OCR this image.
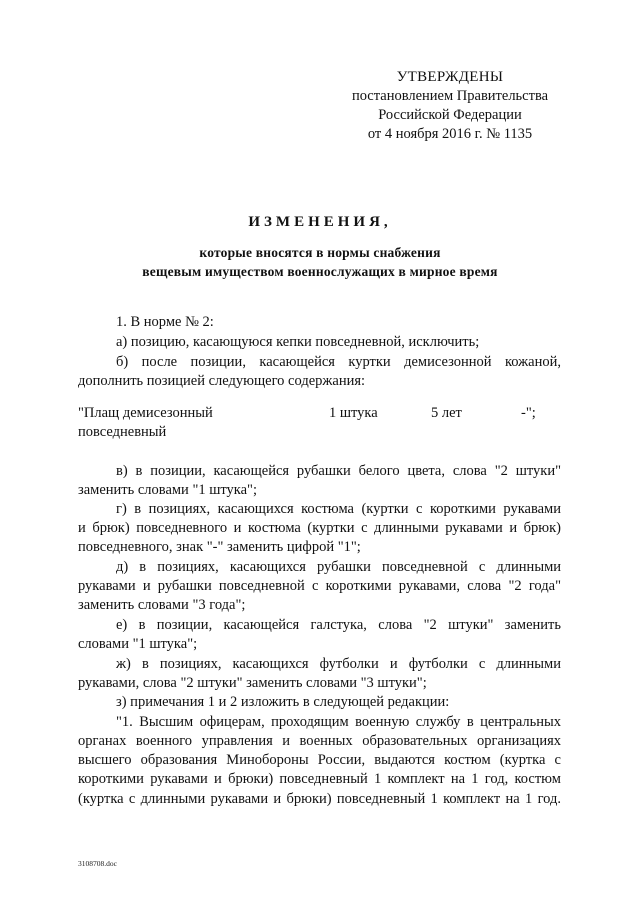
УТВЕРЖДЕНЫ
постановлением Правительства
Российской Федерации
от 4 ноября 2016 г. № 1135
ИЗМЕНЕНИЯ,
которые вносятся в нормы снабжения
вещевым имуществом военнослужащих в мирное время
1. В норме № 2:
а) позицию, касающуюся кепки повседневной, исключить;
б) после позиции, касающейся куртки демисезонной кожаной,
дополнить позицией следующего содержания:
"Плащ демисезонный
повседневный
1 штука	5 лет	-";
в) в позиции, касающейся рубашки белого цвета, слова "2 штуки"
заменить словами "1 штука";
г) в позициях, касающихся костюма (куртки с короткими рукавами
и брюк) повседневного и костюма (куртки с длинными рукавами и брюк)
повседневного, знак "-" заменить цифрой "1";
д) в позициях, касающихся рубашки повседневной с длинными
рукавами и рубашки повседневной с короткими рукавами, слова "2 года"
заменить словами "3 года";
е) в позиции, касающейся галстука, слова "2 штуки" заменить
словами "1 штука";
ж) в позициях, касающихся футболки и футболки с длинными
рукавами, слова "2 штуки" заменить словами "3 штуки";
з) примечания 1 и 2 изложить в следующей редакции:
"1. Высшим офицерам, проходящим военную службу в центральных
органах военного управления и военных образовательных организациях
высшего образования Минобороны России, выдаются костюм (куртка с
короткими рукавами и брюки) повседневный 1 комплект на 1 год, костюм
(куртка с длинными рукавами и брюки) повседневный 1 комплект на 1 год.
3108708.doc
